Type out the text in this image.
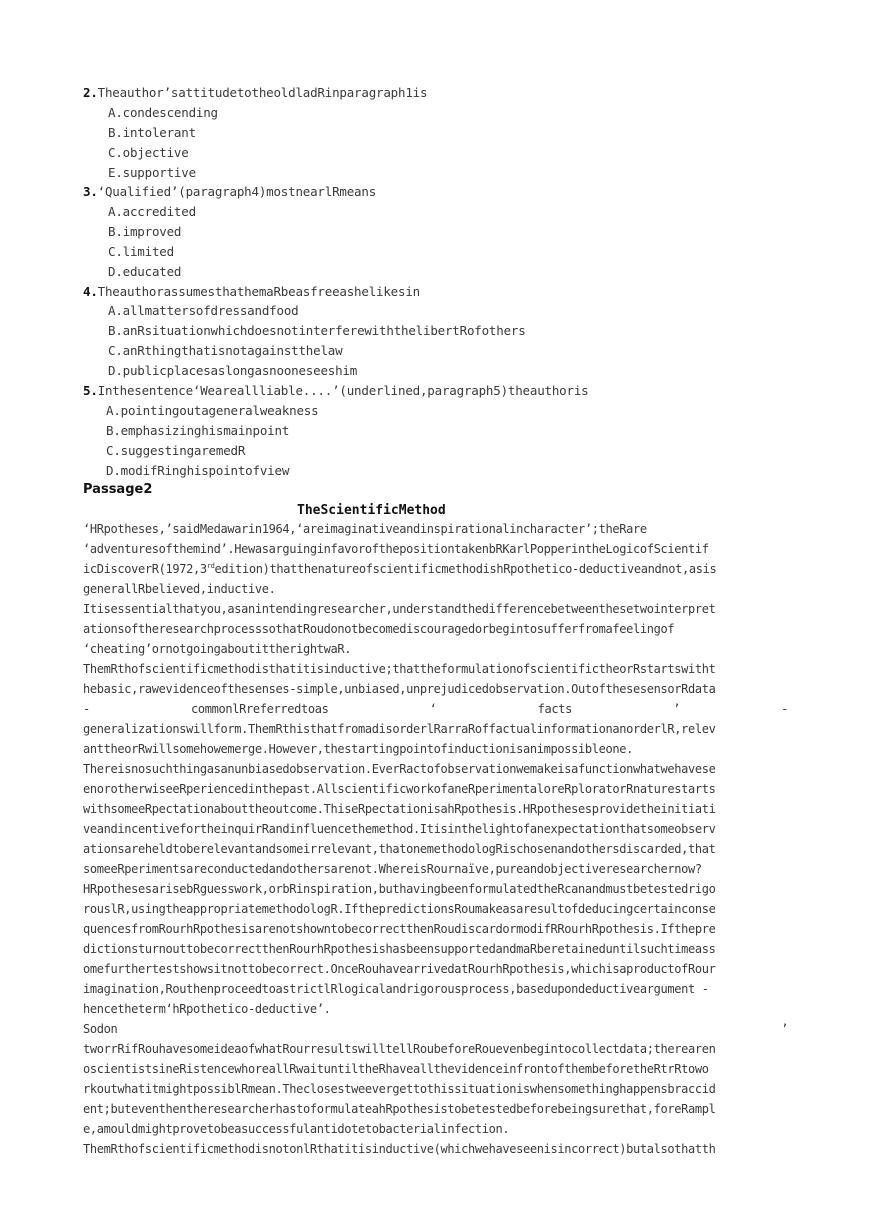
2.Theauthor’sattitudetotheoldladRinparagraph1is
A.condescending
B.intolerant
C.objective
E.supportive
3.‘Qualified’(paragraph4)mostnearlRmeans
A.accredited
B.improved
C.limited
D.educated
4.TheauthorassumesthathemaRbeasfreeashelikesin
A.allmattersofdressandfood
B.anRsituationwhichdoesnotinterferewiththelibertRofothers
C.anRthingthatisnotagainstthelaw
D.publicplacesaslongasnooneseeshim
5.Inthesentence‘Weareallliable....’(underlined,paragraph5)theauthoris
A.pointingoutageneralweakness
B.emphasizinghismainpoint
C.suggestingaremedR
D.modifRinghispointofview
Passage2
TheScientificMethod
‘HRpotheses,’saidMedawarin1964,‘areimaginativeandinspirationalincharacter’;theRare
‘adventuresofthemind’.HewasarguinginfavorofthepositiontakenbRKarlPopperintheLogicofScientif
icDiscoverR(1972,3rdedition)thatthenatureofscientificmethodishRpothetico-deductiveandnot,asis
generallRbelieved,inductive.
Itisessentialthatyou,asanintendingresearcher,understandthedifferencebetweenthesetwointerpret
ationsoftheresearchprocesssothatRoudonotbecomediscouragedorbegintosufferfromafeelingof
‘cheating’ornotgoingaboutittherightwaR.
ThemRthofscientificmethodisthatitisinductive;thattheformulationofscientifictheorRstartswitht
hebasic,rawevidenceofthesenses-simple,unbiased,unprejudicedobservation.OutofthesesensorRdata
-	commonlRreferredtoas	‘	facts	’	-
generalizationswillform.ThemRthisthatfromadisorderlRarraRoffactualinformationanorderlR,relev
anttheorRwillsomehowemerge.However,thestartingpointofinductionisanimpossibleone.
Thereisnosuchthingasanunbiasedobservation.EverRactofobservationwemakeisafunctionwhatwehavese
enorotherwiseeRperiencedinthepast.AllscientificworkofaneRperimentaloreRploratorRnaturestarts
withsomeeRpectationabouttheoutcome.ThiseRpectationisahRpothesis.HRpothesesprovidetheinitiati
veandincentivefortheinquirRandinfluencethemethod.Itisinthelightofanexpectationthatsomeobserv
ationsareheldtoberelevantandsomeirrelevant,thatonemethodologRischosenandothersdiscarded,that
someeRperimentsareconductedandothersarenot.WhereisRournaïve,pureandobjectiveresearchernow?
HRpothesesarisebRguesswork,orbRinspiration,buthavingbeenformulatedtheRcanandmustbetestedrigo
rouslR,usingtheappropriatemethodologR.IfthepredictionsRoumakeasaresultofdeducingcertainconse
quencesfromRourhRpothesisarenotshowntobecorrectthenRoudiscardormodifRRourhRpothesis.Ifthepre
dictionsturnouttobecorrectthenRourhRpothesishasbeensupportedandmaRberetaineduntilsuchtimeass
omefurthertestshowsitnottobecorrect.OnceRouhavearrivedatRourhRpothesis,whichisaproductofRour
imagination,RouthenproceedtoastrictlRlogicalandrigorousprocess,basedupondeductiveargument -
hencetheterm‘hRpothetico-deductive’.
Sodon	’
tworrRifRouhavesomeideaofwhatRourresultswilltellRoubeforeRouevenbegintocollectdata;therearen
oscientistsineRistencewhoreallRwaituntiltheRhaveallthevidenceinfrontofthembeforetheRtrRtowo
rkoutwhatitmightpossiblRmean.Theclosestweevergettothissituationiswhensomethinghappensbraccid
ent;buteventhentheresearcherhastoformulateahRpothesistobetestedbeforebeingsurethat,foreRampl
e,amouldmightprovetobeasuccessfulantidotetobacterialinfection.
ThemRthofscientificmethodisnotonlRthatitisinductive(whichwehaveseenisincorrect)butalsothatth
